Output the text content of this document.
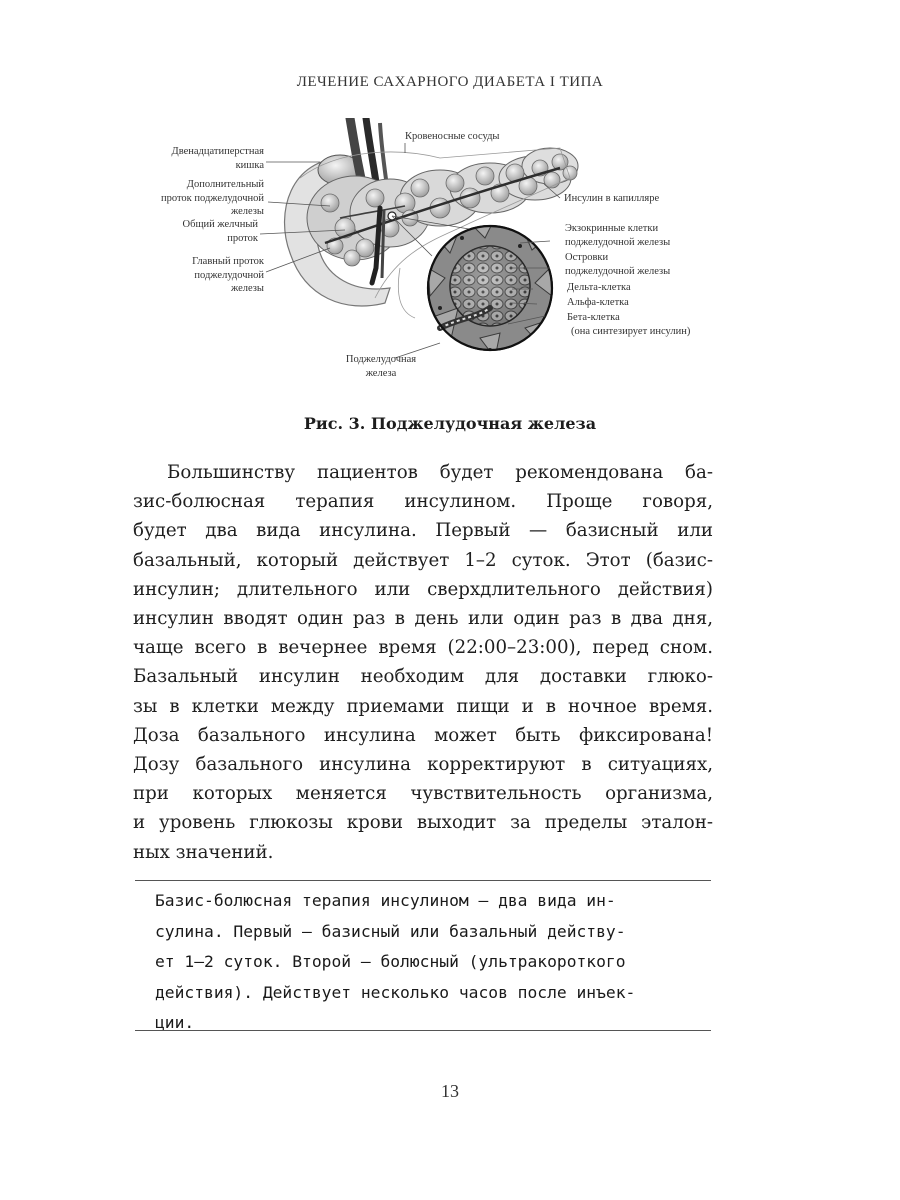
ЛЕЧЕНИЕ САХАРНОГО ДИАБЕТА I ТИПА
Двенадцатиперстная
кишка
Дополнительный
проток поджелудочной
железы
Общий желчный
проток
Главный проток
поджелудочной
железы
Кровеносные сосуды
Инсулин в капилляре
Экзокринные клетки
поджелудочной железы
Островки
поджелудочной железы
Дельта-клетка
Альфа-клетка
Бета-клетка
(она синтезирует инсулин)
Поджелудочная
железа
Рис. 3. Поджелудочная железа
Большинству пациентов будет рекомендована ба-
зис-болюсная терапия инсулином. Проще говоря,
будет два вида инсулина. Первый — базисный или
базальный, который действует 1–2 суток. Этот (базис-
инсулин; длительного или сверхдлительного действия)
инсулин вводят один раз в день или один раз в два дня,
чаще всего в вечернее время (22:00–23:00), перед сном.
Базальный инсулин необходим для доставки глюко-
зы в клетки между приемами пищи и в ночное время.
Доза базального инсулина может быть фиксирована!
Дозу базального инсулина корректируют в ситуациях,
при которых меняется чувствительность организма,
и уровень глюкозы крови выходит за пределы эталон-
ных значений.
Базис-болюсная терапия инсулином — два вида ин-
сулина. Первый — базисный или базальный действу-
ет 1–2 суток. Второй — болюсный (ультракороткого
действия). Действует несколько часов после инъек-
ции.
13
